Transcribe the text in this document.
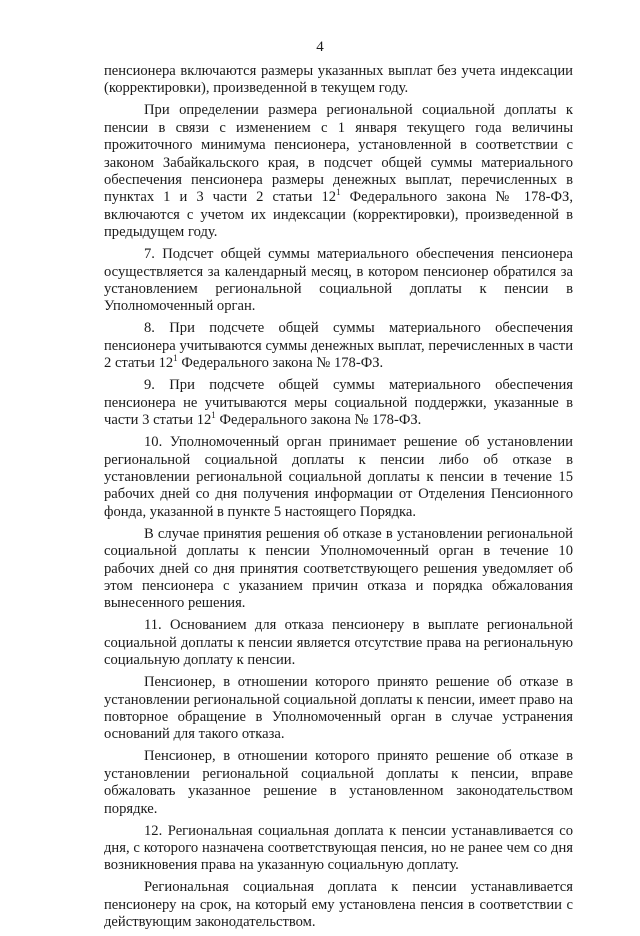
4

пенсионера включаются размеры указанных выплат без учета индексации (корректировки), произведенной в текущем году.

При определении размера региональной социальной доплаты к пенсии в связи с изменением с 1 января текущего года величины прожиточного минимума пенсионера, установленной в соответствии с законом Забайкальского края, в подсчет общей суммы материального обеспечения пенсионера размеры денежных выплат, перечисленных в пунктах 1 и 3 части 2 статьи $12^1$ Федерального закона № 178-ФЗ, включаются с учетом их индексации (корректировки), произведенной в предыдущем году.

7. Подсчет общей суммы материального обеспечения пенсионера осуществляется за календарный месяц, в котором пенсионер обратился за установлением региональной социальной доплаты к пенсии в Уполномоченный орган.

8. При подсчете общей суммы материального обеспечения пенсионера учитываются суммы денежных выплат, перечисленных в части 2 статьи $12^1$ Федерального закона № 178-ФЗ.

9. При подсчете общей суммы материального обеспечения пенсионера не учитываются меры социальной поддержки, указанные в части 3 статьи $12^1$ Федерального закона № 178-ФЗ.

10. Уполномоченный орган принимает решение об установлении региональной социальной доплаты к пенсии либо об отказе в установлении региональной социальной доплаты к пенсии в течение 15 рабочих дней со дня получения информации от Отделения Пенсионного фонда, указанной в пункте 5 настоящего Порядка.

В случае принятия решения об отказе в установлении региональной социальной доплаты к пенсии Уполномоченный орган в течение 10 рабочих дней со дня принятия соответствующего решения уведомляет об этом пенсионера с указанием причин отказа и порядка обжалования вынесенного решения.

11. Основанием для отказа пенсионеру в выплате региональной социальной доплаты к пенсии является отсутствие права на региональную социальную доплату к пенсии.

Пенсионер, в отношении которого принято решение об отказе в установлении региональной социальной доплаты к пенсии, имеет право на повторное обращение в Уполномоченный орган в случае устранения оснований для такого отказа.

Пенсионер, в отношении которого принято решение об отказе в установлении региональной социальной доплаты к пенсии, вправе обжаловать указанное решение в установленном законодательством порядке.

12. Региональная социальная доплата к пенсии устанавливается со дня, с которого назначена соответствующая пенсия, но не ранее чем со дня возникновения права на указанную социальную доплату.

Региональная социальная доплата к пенсии устанавливается пенсионеру на срок, на который ему установлена пенсия в соответствии с действующим законодательством.
